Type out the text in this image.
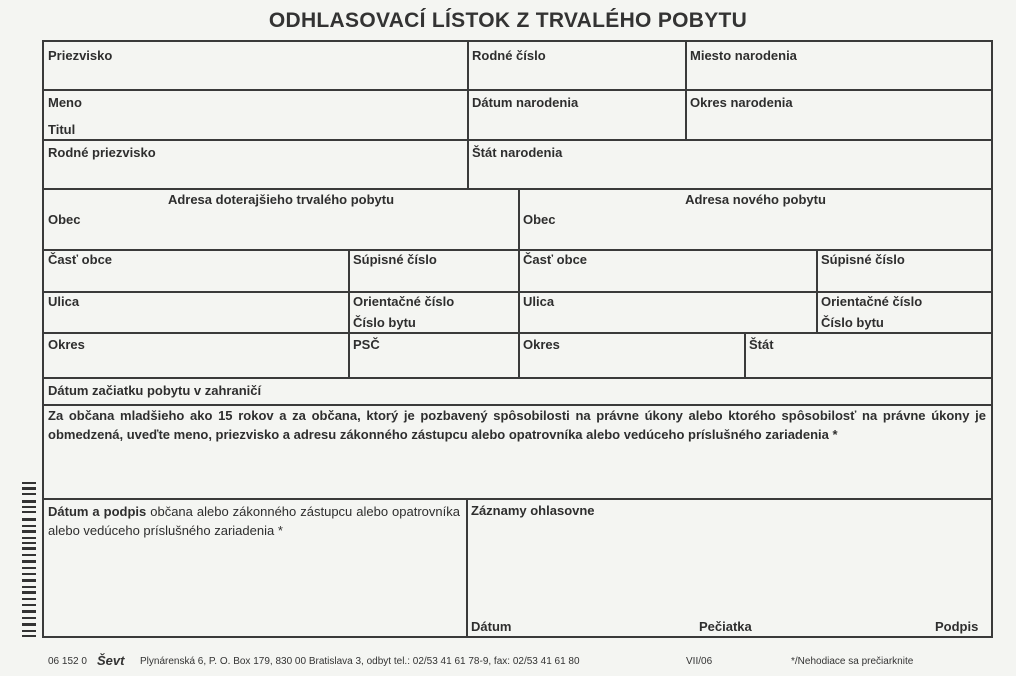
ODHLASOVACÍ LÍSTOK Z TRVALÉHO POBYTU
Priezvisko	Rodné číslo	Miesto narodenia
Meno	Dátum narodenia	Okres narodenia
Titul
Rodné priezvisko	Štát narodenia
Adresa doterajšieho trvalého pobytu
Obec
Časť obce	Súpisné číslo
Ulica	Orientačné číslo
Číslo bytu
Okres	PSČ
Adresa nového pobytu
Obec
Časť obce	Súpisné číslo
Ulica	Orientačné číslo
Číslo bytu
Okres	Štát
Dátum začiatku pobytu v zahraničí
Za občana mladšieho ako 15 rokov a za občana, ktorý je pozbavený spôsobilosti na právne úkony alebo ktorého spôsobilosť na právne úkony je obmedzená, uveďte meno, priezvisko a adresu zákonného zástupcu alebo opatrovníka alebo vedúceho príslušného zariadenia *
Dátum a podpis občana alebo zákonného zástupcu alebo opatrovníka alebo vedúceho príslušného zariadenia *
Záznamy ohlasovne
Dátum	Pečiatka	Podpis
06 152 0 Ševt Plynárenská 6, P. O. Box 179, 830 00 Bratislava 3, odbyt tel.: 02/53 41 61 78-9, fax: 02/53 41 61 80	VII/06	*/Nehodiace sa prečiarknite
